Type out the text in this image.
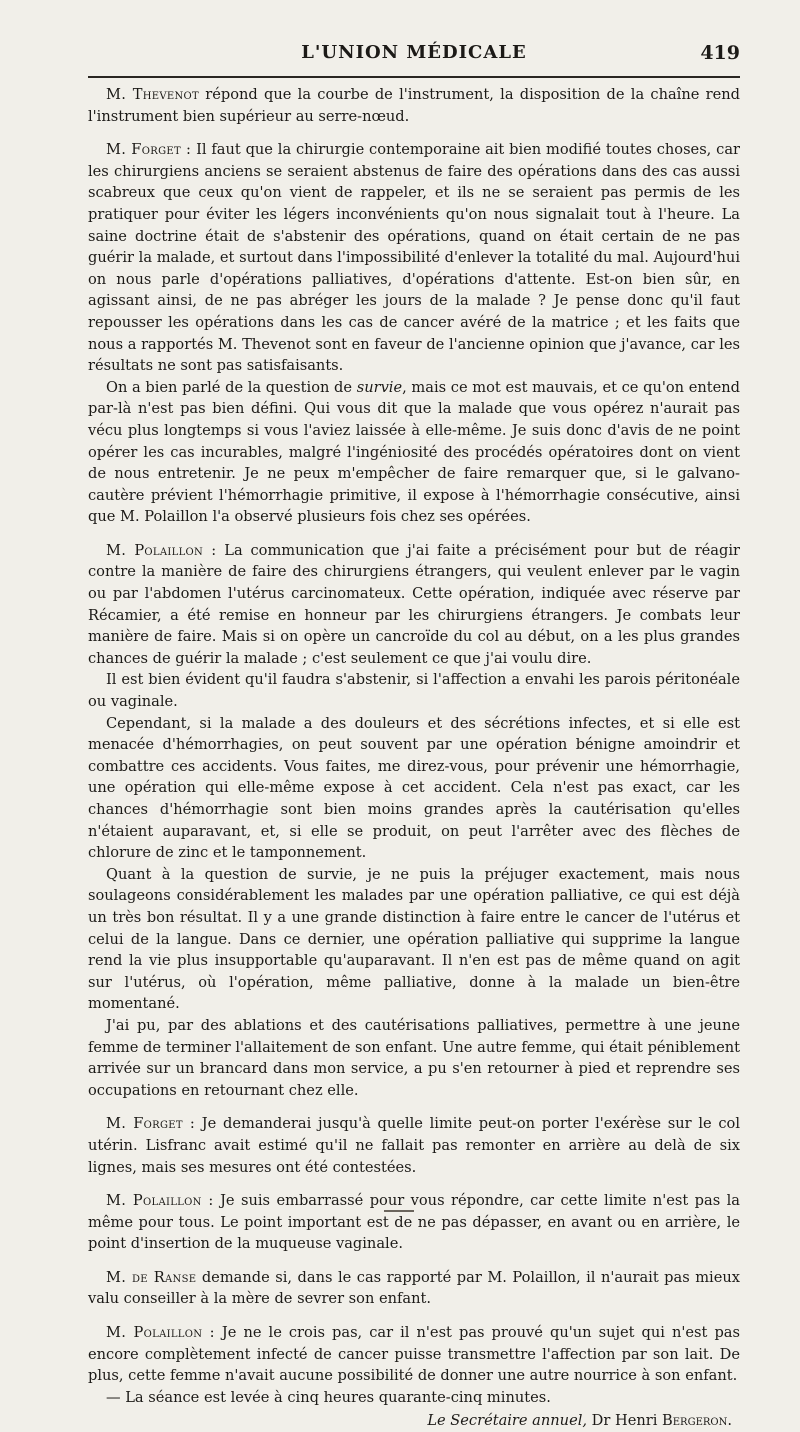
L'UNION MÉDICALE	419

M. Thevenot répond que la courbe de l'instrument, la disposition de la chaîne rend l'instrument bien supérieur au serre-nœud.

M. Forget : Il faut que la chirurgie contemporaine ait bien modifié toutes choses, car les chirurgiens anciens se seraient abstenus de faire des opérations dans des cas aussi scabreux que ceux qu'on vient de rappeler, et ils ne se seraient pas permis de les pratiquer pour éviter les légers inconvénients qu'on nous signalait tout à l'heure. La saine doctrine était de s'abstenir des opérations, quand on était certain de ne pas guérir la malade, et surtout dans l'impossibilité d'enlever la totalité du mal. Aujourd'hui on nous parle d'opérations palliatives, d'opérations d'attente. Est-on bien sûr, en agissant ainsi, de ne pas abréger les jours de la malade ? Je pense donc qu'il faut repousser les opérations dans les cas de cancer avéré de la matrice ; et les faits que nous a rapportés M. Thevenot sont en faveur de l'ancienne opinion que j'avance, car les résultats ne sont pas satisfaisants.

On a bien parlé de la question de survie, mais ce mot est mauvais, et ce qu'on entend par-là n'est pas bien défini. Qui vous dit que la malade que vous opérez n'aurait pas vécu plus longtemps si vous l'aviez laissée à elle-même. Je suis donc d'avis de ne point opérer les cas incurables, malgré l'ingéniosité des procédés opératoires dont on vient de nous entretenir. Je ne peux m'empêcher de faire remarquer que, si le galvano-cautère prévient l'hémorrhagie primitive, il expose à l'hémorrhagie consécutive, ainsi que M. Polaillon l'a observé plusieurs fois chez ses opérées.

M. Polaillon : La communication que j'ai faite a précisément pour but de réagir contre la manière de faire des chirurgiens étrangers, qui veulent enlever par le vagin ou par l'abdomen l'utérus carcinomateux. Cette opération, indiquée avec réserve par Récamier, a été remise en honneur par les chirurgiens étrangers. Je combats leur manière de faire. Mais si on opère un cancroïde du col au début, on a les plus grandes chances de guérir la malade ; c'est seulement ce que j'ai voulu dire.

Il est bien évident qu'il faudra s'abstenir, si l'affection a envahi les parois péritonéale ou vaginale.

Cependant, si la malade a des douleurs et des sécrétions infectes, et si elle est menacée d'hémorrhagies, on peut souvent par une opération bénigne amoindrir et combattre ces accidents. Vous faites, me direz-vous, pour prévenir une hémorrhagie, une opération qui elle-même expose à cet accident. Cela n'est pas exact, car les chances d'hémorrhagie sont bien moins grandes après la cautérisation qu'elles n'étaient auparavant, et, si elle se produit, on peut l'arrêter avec des flèches de chlorure de zinc et le tamponnement.

Quant à la question de survie, je ne puis la préjuger exactement, mais nous soulageons considérablement les malades par une opération palliative, ce qui est déjà un très bon résultat. Il y a une grande distinction à faire entre le cancer de l'utérus et celui de la langue. Dans ce dernier, une opération palliative qui supprime la langue rend la vie plus insupportable qu'auparavant. Il n'en est pas de même quand on agit sur l'utérus, où l'opération, même palliative, donne à la malade un bien-être momentané.

J'ai pu, par des ablations et des cautérisations palliatives, permettre à une jeune femme de terminer l'allaitement de son enfant. Une autre femme, qui était péniblement arrivée sur un brancard dans mon service, a pu s'en retourner à pied et reprendre ses occupations en retournant chez elle.

M. Forget : Je demanderai jusqu'à quelle limite peut-on porter l'exérèse sur le col utérin. Lisfranc avait estimé qu'il ne fallait pas remonter en arrière au delà de six lignes, mais ses mesures ont été contestées.

M. Polaillon : Je suis embarrassé pour vous répondre, car cette limite n'est pas la même pour tous. Le point important est de ne pas dépasser, en avant ou en arrière, le point d'insertion de la muqueuse vaginale.

M. de Ranse demande si, dans le cas rapporté par M. Polaillon, il n'aurait pas mieux valu conseiller à la mère de sevrer son enfant.

M. Polaillon : Je ne le crois pas, car il n'est pas prouvé qu'un sujet qui n'est pas encore complètement infecté de cancer puisse transmettre l'affection par son lait. De plus, cette femme n'avait aucune possibilité de donner une autre nourrice à son enfant.

— La séance est levée à cinq heures quarante-cinq minutes.

Le Secrétaire annuel, Dr Henri Bergeron.
